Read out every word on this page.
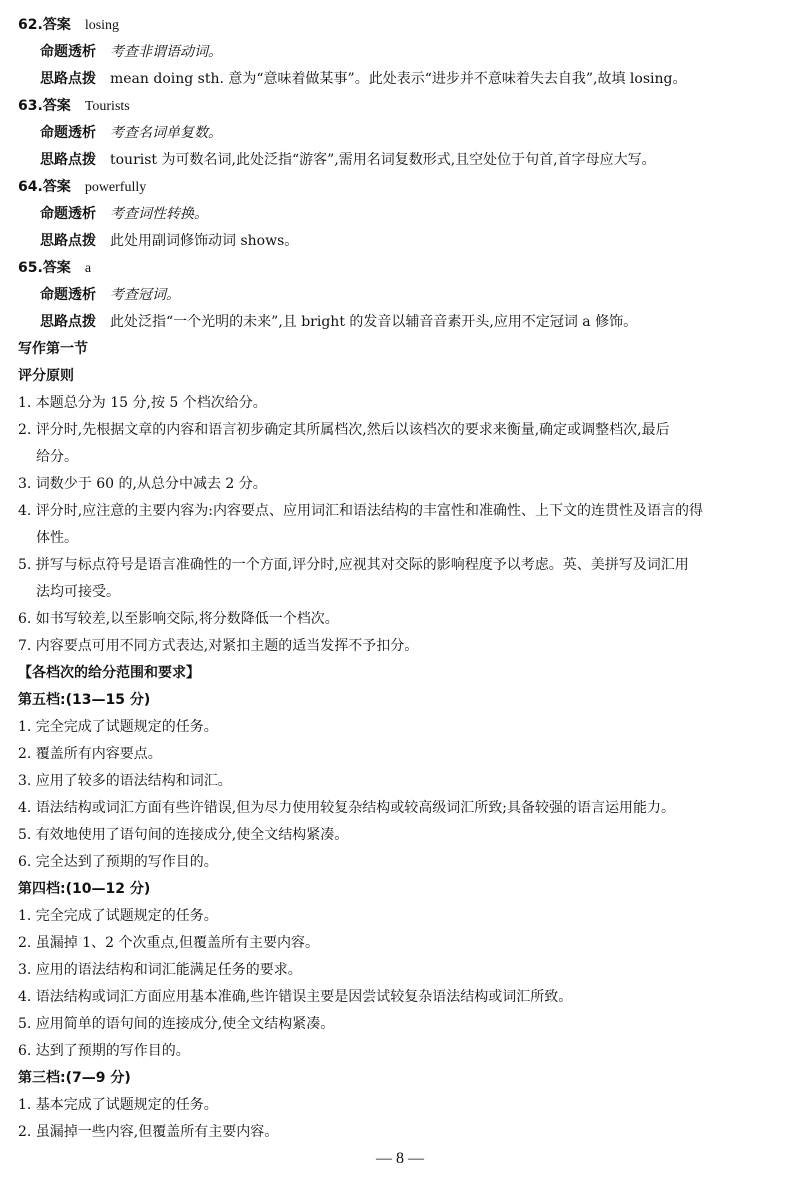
62.答案 losing
命题透析 考查非谓语动词。
思路点拨 mean doing sth. 意为“意味着做某事”。此处表示“进步并不意味着失去自我”,故填 losing。
63.答案 Tourists
命题透析 考查名词单复数。
思路点拨 tourist 为可数名词,此处泛指“游客”,需用名词复数形式,且空处位于句首,首字母应大写。
64.答案 powerfully
命题透析 考查词性转换。
思路点拨 此处用副词修饰动词 shows。
65.答案 a
命题透析 考查冠词。
思路点拨 此处泛指“一个光明的未来”,且 bright 的发音以辅音音素开头,应用不定冠词 a 修饰。
写作第一节
评分原则
1. 本题总分为 15 分,按 5 个档次给分。
2. 评分时,先根据文章的内容和语言初步确定其所属档次,然后以该档次的要求来衡量,确定或调整档次,最后
给分。
3. 词数少于 60 的,从总分中减去 2 分。
4. 评分时,应注意的主要内容为:内容要点、应用词汇和语法结构的丰富性和准确性、上下文的连贯性及语言的得
体性。
5. 拼写与标点符号是语言准确性的一个方面,评分时,应视其对交际的影响程度予以考虑。英、美拼写及词汇用
法均可接受。
6. 如书写较差,以至影响交际,将分数降低一个档次。
7. 内容要点可用不同方式表达,对紧扣主题的适当发挥不予扣分。
【各档次的给分范围和要求】
第五档:(13—15 分)
1. 完全完成了试题规定的任务。
2. 覆盖所有内容要点。
3. 应用了较多的语法结构和词汇。
4. 语法结构或词汇方面有些许错误,但为尽力使用较复杂结构或较高级词汇所致;具备较强的语言运用能力。
5. 有效地使用了语句间的连接成分,使全文结构紧凑。
6. 完全达到了预期的写作目的。
第四档:(10—12 分)
1. 完全完成了试题规定的任务。
2. 虽漏掉 1、2 个次重点,但覆盖所有主要内容。
3. 应用的语法结构和词汇能满足任务的要求。
4. 语法结构或词汇方面应用基本准确,些许错误主要是因尝试较复杂语法结构或词汇所致。
5. 应用简单的语句间的连接成分,使全文结构紧凑。
6. 达到了预期的写作目的。
第三档:(7—9 分)
1. 基本完成了试题规定的任务。
2. 虽漏掉一些内容,但覆盖所有主要内容。
— 8 —
